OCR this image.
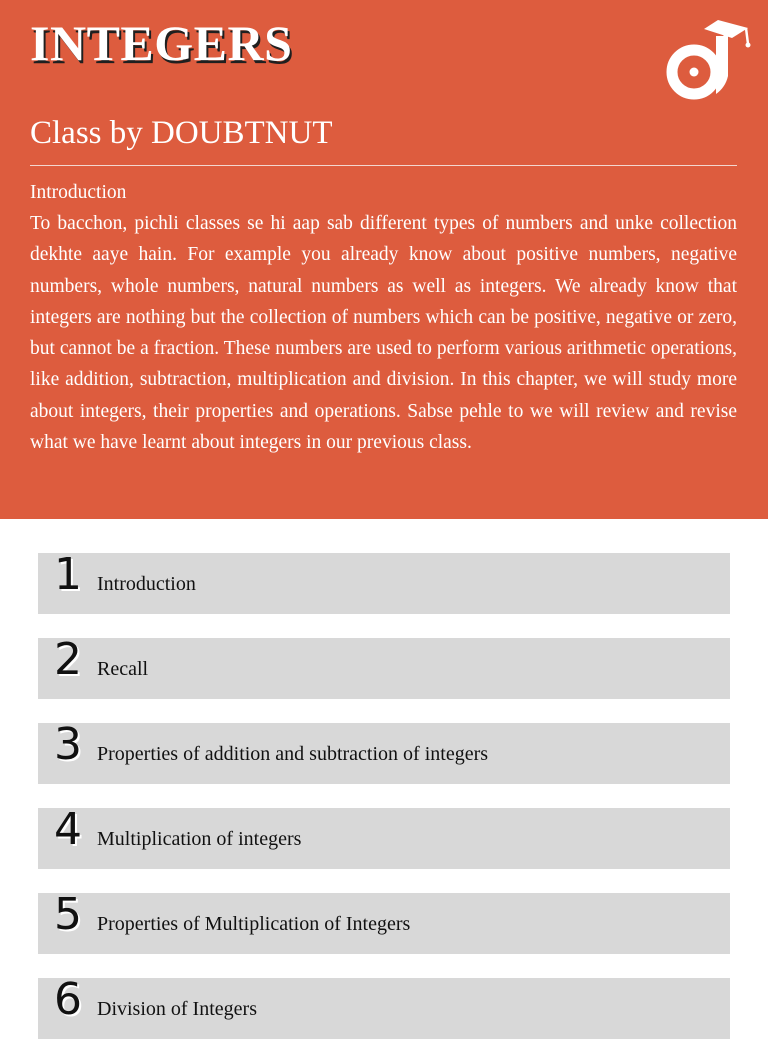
INTEGERS
Class by DOUBTNUT
Introduction

To bacchon, pichli classes se hi aap sab different types of numbers and unke collection dekhte aaye hain. For example you already know about positive numbers, negative numbers, whole numbers, natural numbers as well as integers. We already know that integers are nothing but the collection of numbers which can be positive, negative or zero, but cannot be a fraction. These numbers are used to perform various arithmetic operations, like addition, subtraction, multiplication and division. In this chapter, we will study more about integers, their properties and operations. Sabse pehle to we will review and revise what we have learnt about integers in our previous class.

1 Introduction
2 Recall
3 Properties of addition and subtraction of integers
4 Multiplication of integers
5 Properties of Multiplication of Integers
6 Division of Integers
